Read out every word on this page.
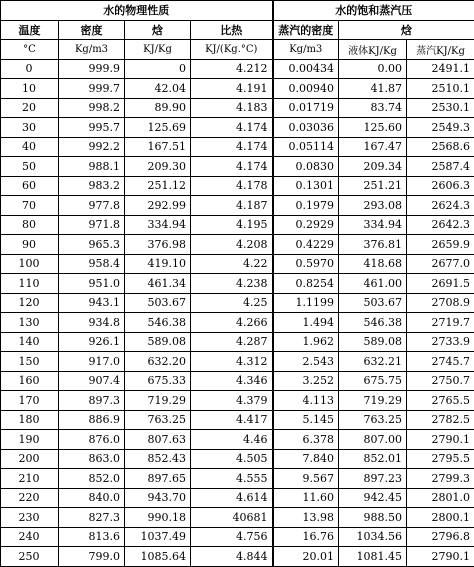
水的物理性质				水的饱和蒸汽压		
温度	密度	焓	比热	蒸汽的密度	焓	
°C	Kg/m3	KJ/Kg	KJ/(Kg.°C)	Kg/m3	液体KJ/Kg	蒸汽KJ/Kg
0	999.9	0	4.212	0.00434	0.00	2491.1
10	999.7	42.04	4.191	0.00940	41.87	2510.1
20	998.2	89.90	4.183	0.01719	83.74	2530.1
30	995.7	125.69	4.174	0.03036	125.60	2549.3
40	992.2	167.51	4.174	0.05114	167.47	2568.6
50	988.1	209.30	4.174	0.0830	209.34	2587.4
60	983.2	251.12	4.178	0.1301	251.21	2606.3
70	977.8	292.99	4.187	0.1979	293.08	2624.3
80	971.8	334.94	4.195	0.2929	334.94	2642.3
90	965.3	376.98	4.208	0.4229	376.81	2659.9
100	958.4	419.10	4.22	0.5970	418.68	2677.0
110	951.0	461.34	4.238	0.8254	461.00	2691.5
120	943.1	503.67	4.25	1.1199	503.67	2708.9
130	934.8	546.38	4.266	1.494	546.38	2719.7
140	926.1	589.08	4.287	1.962	589.08	2733.9
150	917.0	632.20	4.312	2.543	632.21	2745.7
160	907.4	675.33	4.346	3.252	675.75	2750.7
170	897.3	719.29	4.379	4.113	719.29	2765.5
180	886.9	763.25	4.417	5.145	763.25	2782.5
190	876.0	807.63	4.46	6.378	807.00	2790.1
200	863.0	852.43	4.505	7.840	852.01	2795.5
210	852.0	897.65	4.555	9.567	897.23	2799.3
220	840.0	943.70	4.614	11.60	942.45	2801.0
230	827.3	990.18	40681	13.98	988.50	2800.1
240	813.6	1037.49	4.756	16.76	1034.56	2796.8
250	799.0	1085.64	4.844	20.01	1081.45	2790.1
